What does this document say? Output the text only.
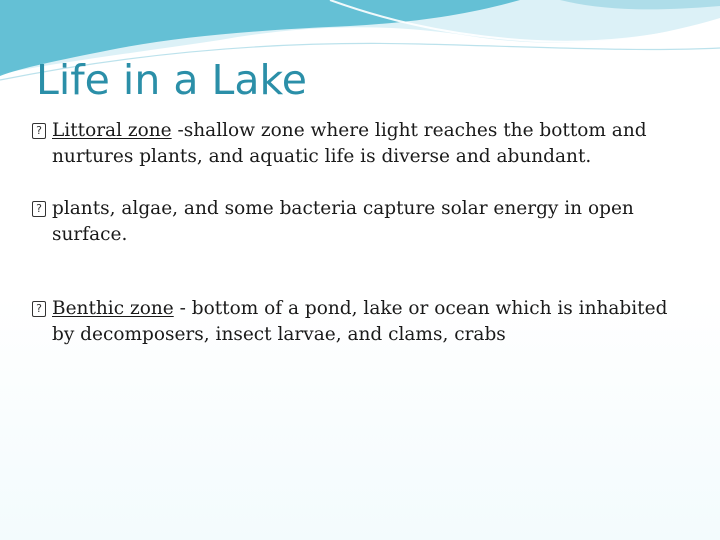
Life in a Lake
? Littoral zone -shallow zone where light reaches the bottom and nurtures plants, and aquatic life is diverse and abundant.
? plants, algae, and some bacteria capture solar energy in open surface.
? Benthic zone - bottom of a pond, lake or ocean which is inhabited by decomposers, insect larvae, and clams, crabs
